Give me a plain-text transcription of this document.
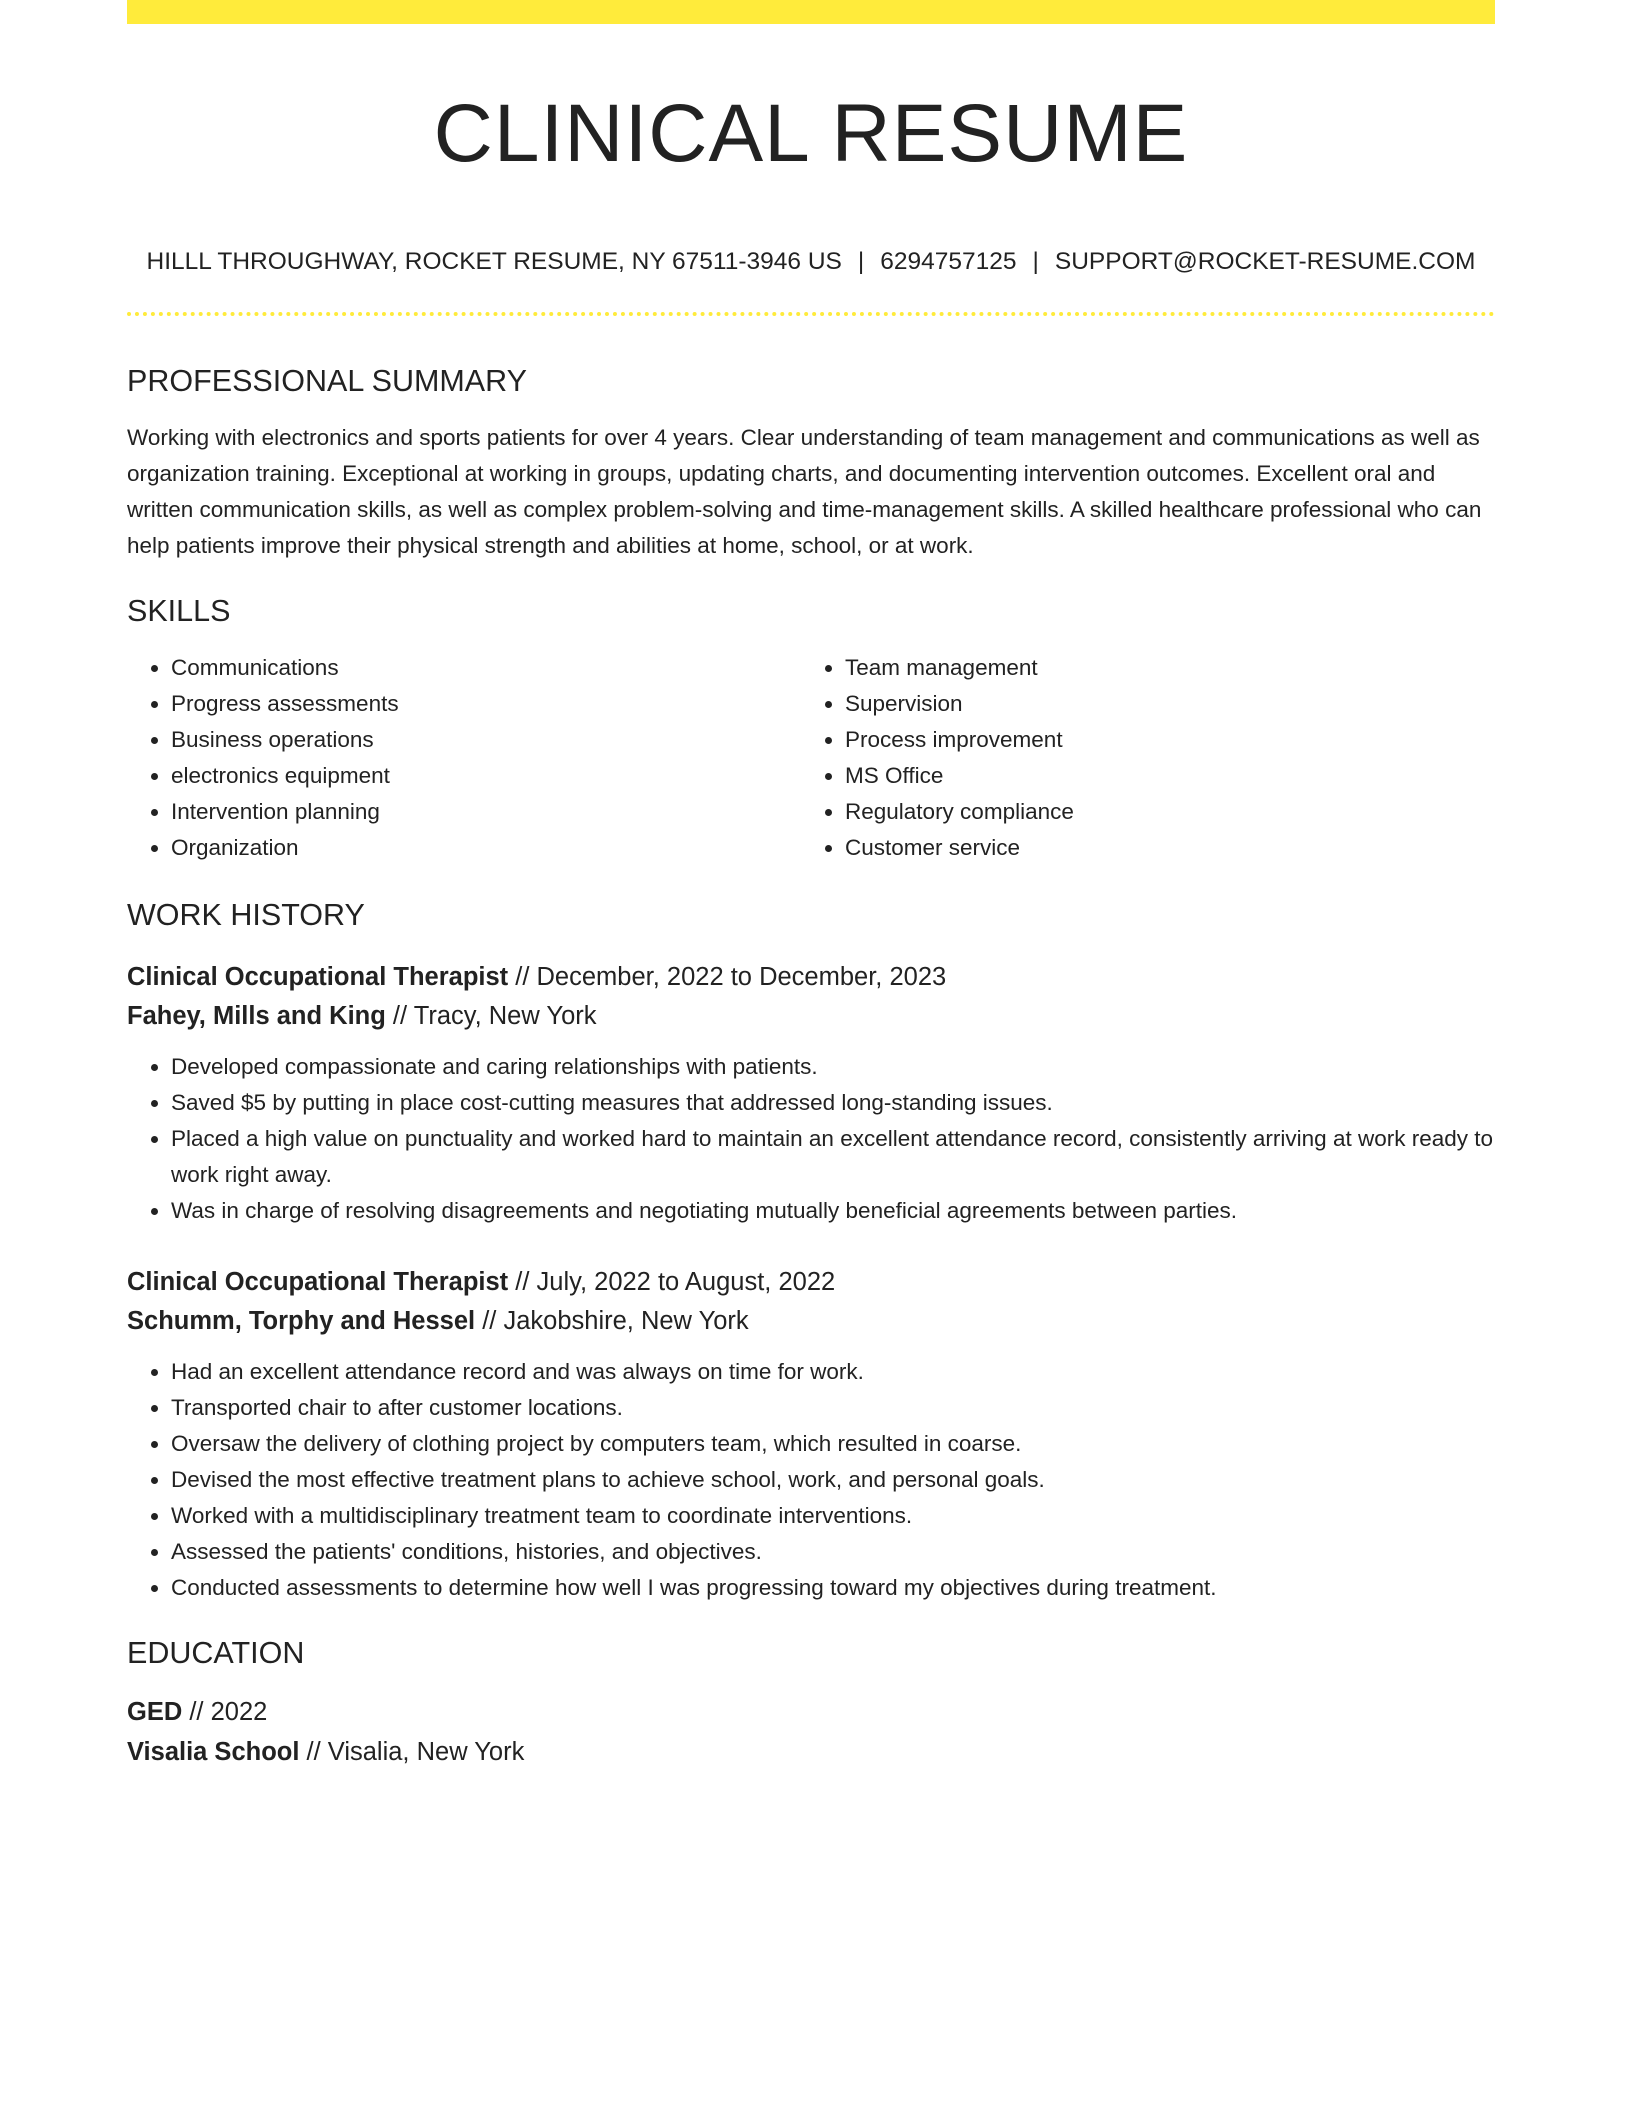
CLINICAL RESUME
HILLL THROUGHWAY, ROCKET RESUME, NY 67511-3946 US | 6294757125 | SUPPORT@ROCKET-RESUME.COM
PROFESSIONAL SUMMARY

Working with electronics and sports patients for over 4 years. Clear understanding of team management and communications as well as organization training. Exceptional at working in groups, updating charts, and documenting intervention outcomes. Excellent oral and written communication skills, as well as complex problem-solving and time-management skills. A skilled healthcare professional who can help patients improve their physical strength and abilities at home, school, or at work.

SKILLS
• Communications
• Progress assessments
• Business operations
• electronics equipment
• Intervention planning
• Organization
• Team management
• Supervision
• Process improvement
• MS Office
• Regulatory compliance
• Customer service
WORK HISTORY
Clinical Occupational Therapist // December, 2022 to December, 2023
Fahey, Mills and King // Tracy, New York
• Developed compassionate and caring relationships with patients.
• Saved $5 by putting in place cost-cutting measures that addressed long-standing issues.
• Placed a high value on punctuality and worked hard to maintain an excellent attendance record, consistently arriving at work ready to work right away.
• Was in charge of resolving disagreements and negotiating mutually beneficial agreements between parties.
Clinical Occupational Therapist // July, 2022 to August, 2022
Schumm, Torphy and Hessel // Jakobshire, New York
• Had an excellent attendance record and was always on time for work.
• Transported chair to after customer locations.
• Oversaw the delivery of clothing project by computers team, which resulted in coarse.
• Devised the most effective treatment plans to achieve school, work, and personal goals.
• Worked with a multidisciplinary treatment team to coordinate interventions.
• Assessed the patients' conditions, histories, and objectives.
• Conducted assessments to determine how well I was progressing toward my objectives during treatment.
EDUCATION
GED // 2022
Visalia School // Visalia, New York
